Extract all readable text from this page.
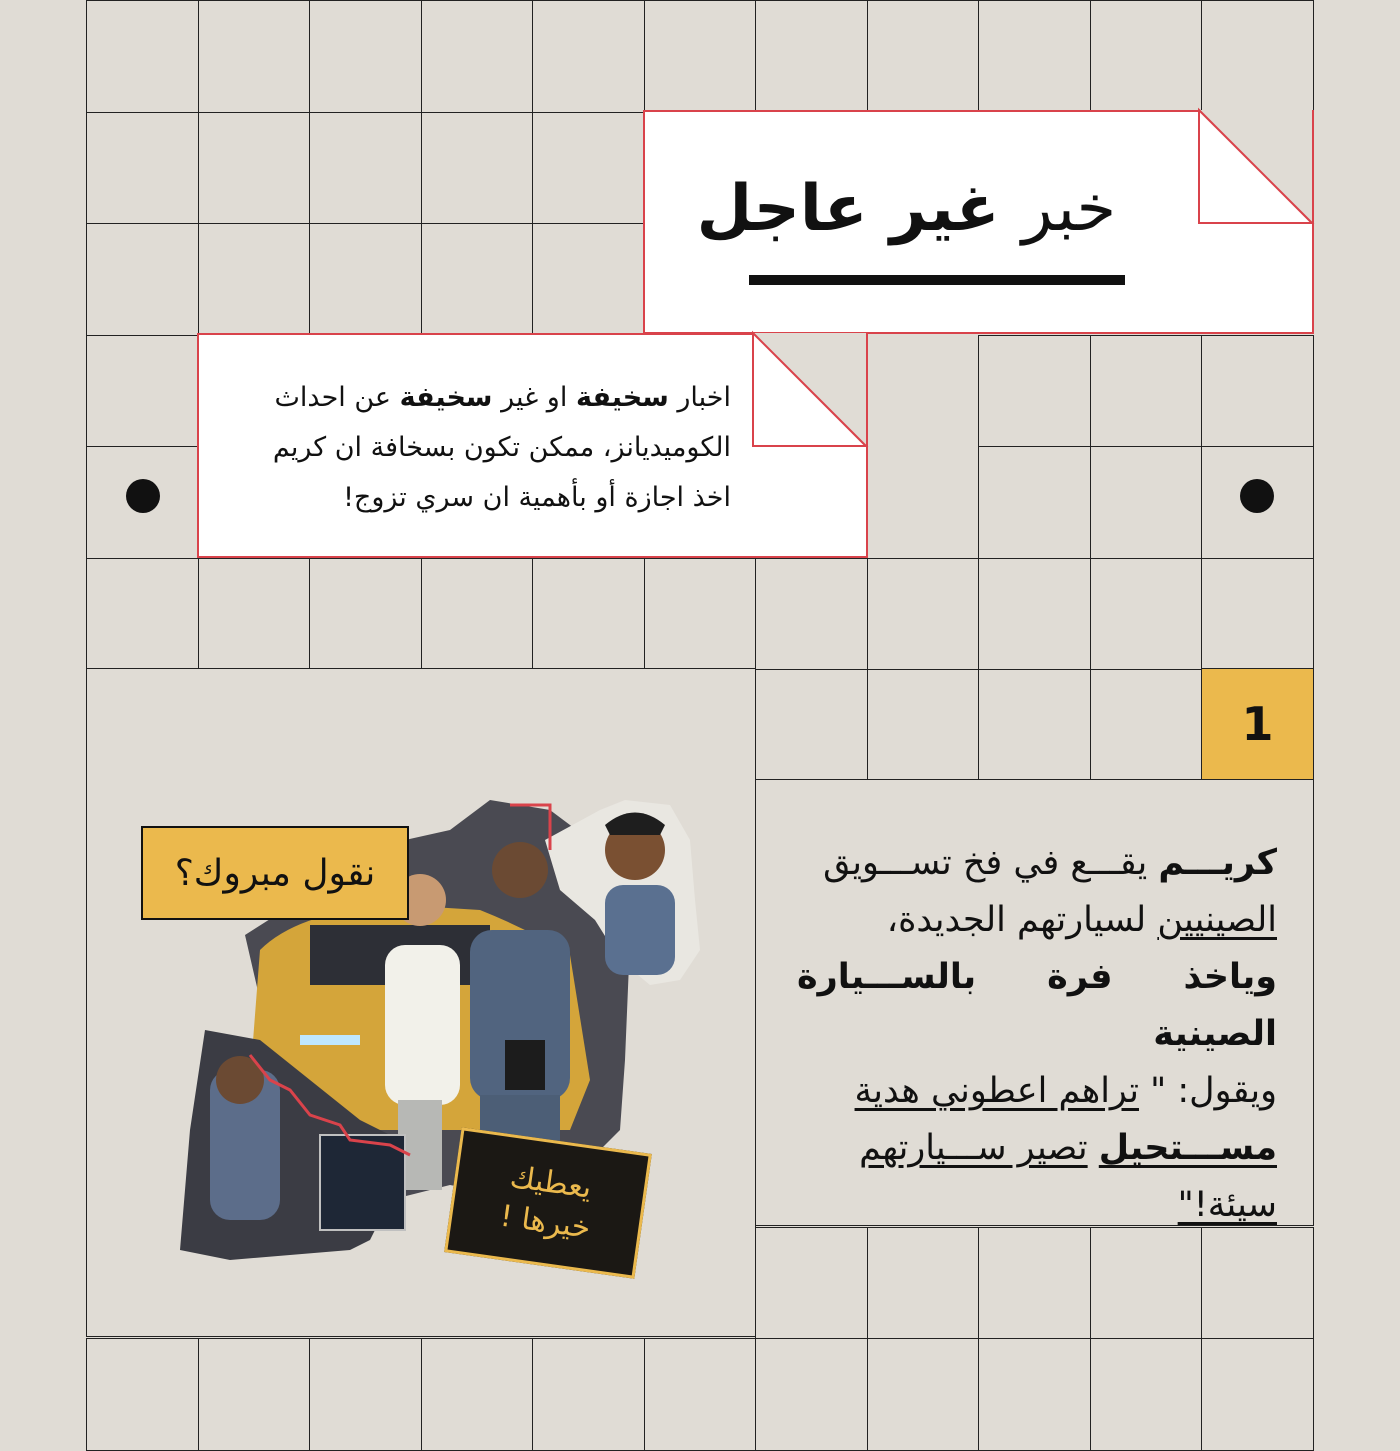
خبر غير عاجل
اخبار سخيفة او غير سخيفة عن احداث
الكوميديانز، ممكن تكون بسخافة ان كريم
اخذ اجازة أو بأهمية ان سري تزوج!
نقول مبروك؟
يعطيك
خيرها !
1
كريـــم يقـــع في فخ تســـويق
الصينيين لسيارتهم الجديدة،
وياخذ فرة بالســـيارة الصينية
ويقول: " تراهم اعطوني هدية
مســـتحيل تصير ســـيارتهم
سيئة!"
